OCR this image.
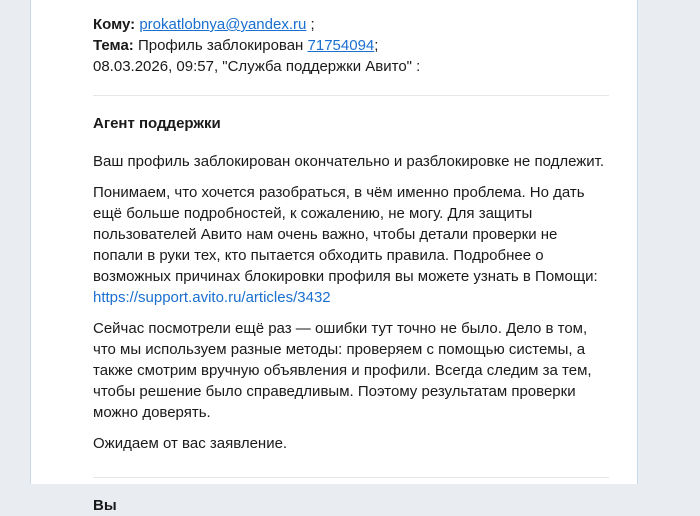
Кому: prokatlobnya@yandex.ru ;
Тема: Профиль заблокирован 71754094;
08.03.2026, 09:57, "Служба поддержки Авито" :
Агент поддержки

Ваш профиль заблокирован окончательно и разблокировке не подлежит.

Понимаем, что хочется разобраться, в чём именно проблема. Но дать ещё больше подробностей, к сожалению, не могу. Для защиты пользователей Авито нам очень важно, чтобы детали проверки не попали в руки тех, кто пытается обходить правила. Подробнее о возможных причинах блокировки профиля вы можете узнать в Помощи: https://support.avito.ru/articles/3432

Сейчас посмотрели ещё раз — ошибки тут точно не было. Дело в том, что мы используем разные методы: проверяем с помощью системы, а также смотрим вручную объявления и профили. Всегда следим за тем, чтобы решение было справедливым. Поэтому результатам проверки можно доверять.

Ожидаем от вас заявление.

Вы
